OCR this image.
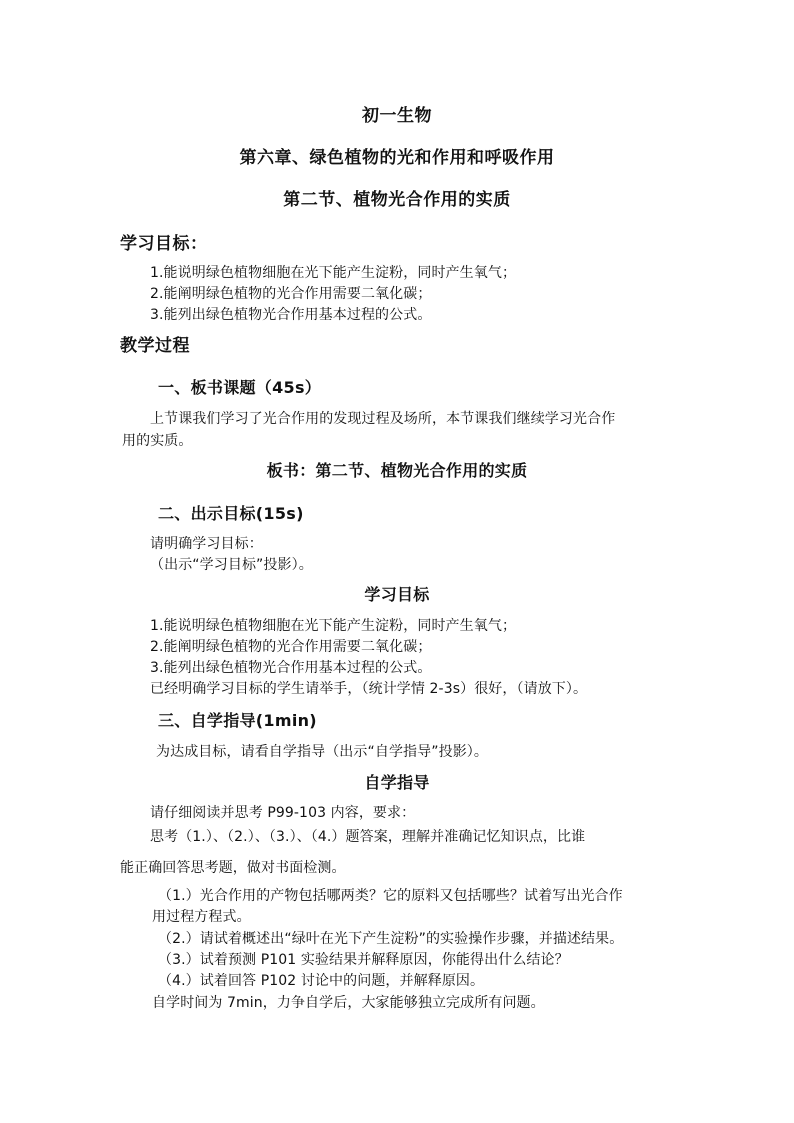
初一生物
第六章、绿色植物的光和作用和呼吸作用
第二节、植物光合作用的实质
学习目标：
1.能说明绿色植物细胞在光下能产生淀粉，同时产生氧气；
2.能阐明绿色植物的光合作用需要二氧化碳；
3.能列出绿色植物光合作用基本过程的公式。
教学过程
一、板书课题（45s）
上节课我们学习了光合作用的发现过程及场所，本节课我们继续学习光合作
用的实质。
板书：第二节、植物光合作用的实质
二、出示目标(15s)
请明确学习目标：
（出示“学习目标”投影）。
学习目标
1.能说明绿色植物细胞在光下能产生淀粉，同时产生氧气；
2.能阐明绿色植物的光合作用需要二氧化碳；
3.能列出绿色植物光合作用基本过程的公式。
已经明确学习目标的学生请举手，（统计学情 2-3s）很好，（请放下）。
三、自学指导(1min)
为达成目标，请看自学指导（出示“自学指导”投影）。
自学指导
请仔细阅读并思考 P99-103 内容，要求：
思考（1.）、（2.）、（3.）、（4.）题答案，理解并准确记忆知识点，比谁
能正确回答思考题，做对书面检测。
（1.）光合作用的产物包括哪两类？它的原料又包括哪些？试着写出光合作
用过程方程式。
（2.）请试着概述出“绿叶在光下产生淀粉”的实验操作步骤，并描述结果。
（3.）试着预测 P101 实验结果并解释原因，你能得出什么结论？
（4.）试着回答 P102 讨论中的问题，并解释原因。
自学时间为 7min，力争自学后，大家能够独立完成所有问题。
